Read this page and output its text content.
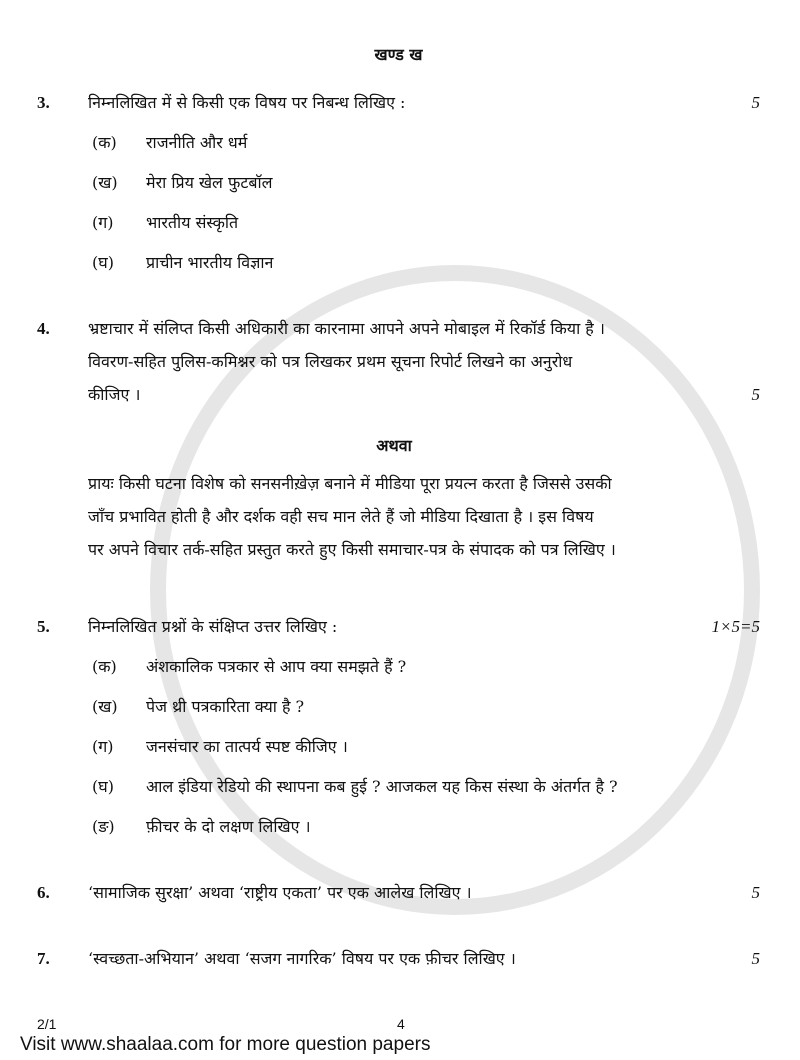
खण्ड ख
3.	निम्नलिखित में से किसी एक विषय पर निबन्ध लिखिए :
(क)	राजनीति और धर्म
(ख)	मेरा प्रिय खेल फुटबॉल
(ग)	भारतीय संस्कृति
(घ)	प्राचीन भारतीय विज्ञान
5
4.	भ्रष्टाचार में संलिप्त किसी अधिकारी का कारनामा आपने अपने मोबाइल में रिकॉर्ड किया है ।
विवरण-सहित पुलिस-कमिश्नर को पत्र लिखकर प्रथम सूचना रिपोर्ट लिखने का अनुरोध
कीजिए ।	5
अथवा
प्रायः किसी घटना विशेष को सनसनीख़ेज़ बनाने में मीडिया पूरा प्रयत्न करता है जिससे उसकी
जाँच प्रभावित होती है और दर्शक वही सच मान लेते हैं जो मीडिया दिखाता है । इस विषय
पर अपने विचार तर्क-सहित प्रस्तुत करते हुए किसी समाचार-पत्र के संपादक को पत्र लिखिए ।
5.	निम्नलिखित प्रश्नों के संक्षिप्त उत्तर लिखिए :
(क)	अंशकालिक पत्रकार से आप क्या समझते हैं ?
(ख)	पेज थ्री पत्रकारिता क्या है ?
(ग)	जनसंचार का तात्पर्य स्पष्ट कीजिए ।
(घ)	आल इंडिया रेडियो की स्थापना कब हुई ? आजकल यह किस संस्था के अंतर्गत है ?
(ङ)	फ़ीचर के दो लक्षण लिखिए ।
1×5=5
6.	‘सामाजिक सुरक्षा’ अथवा ‘राष्ट्रीय एकता’ पर एक आलेख लिखिए ।	5
7.	‘स्वच्छता-अभियान’ अथवा ‘सजग नागरिक’ विषय पर एक फ़ीचर लिखिए ।	5
2/1	4
Visit www.shaalaa.com for more question papers
